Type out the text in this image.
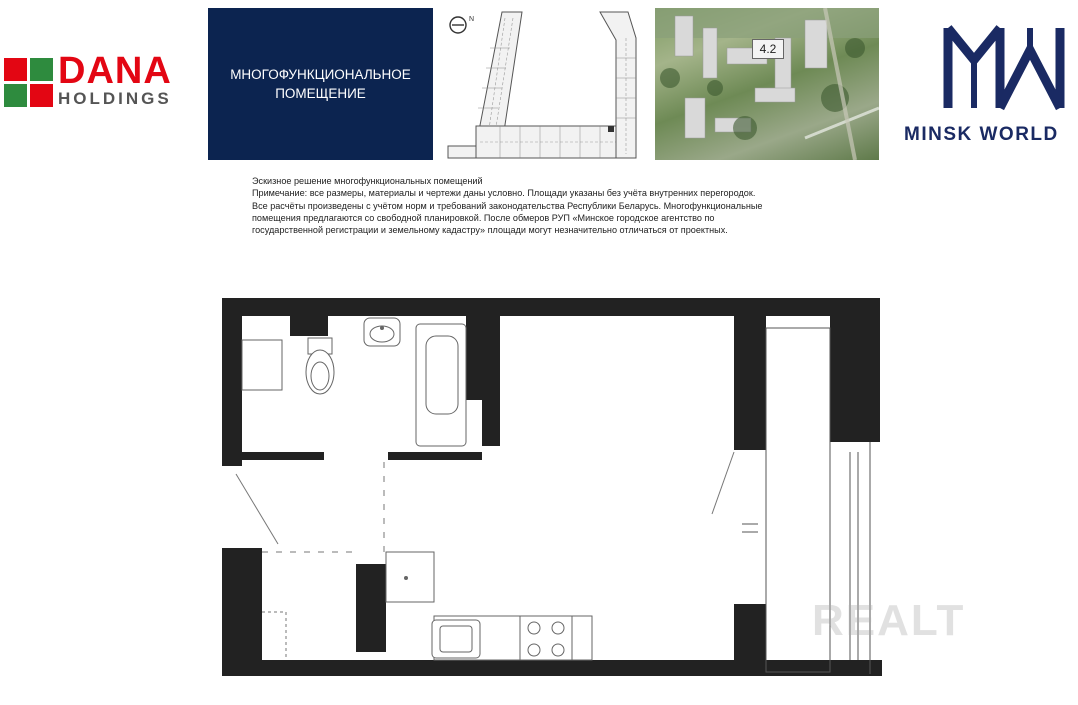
DANA
HOLDINGS
МНОГОФУНКЦИОНАЛЬНОЕ
ПОМЕЩЕНИЕ
N
4.2
MINSK WORLD
Эскизное решение многофункциональных помещений
Примечание: все размеры, материалы и чертежи даны условно. Площади указаны без учёта внутренних перегородок.
Все расчёты произведены с учётом норм и требований законодательства Республики Беларусь. Многофункциональные
помещения предлагаются со свободной планировкой. После обмеров РУП «Минское городское агентство по
государственной регистрации и земельному кадастру» площади могут незначительно отличаться от проектных.
REALT
